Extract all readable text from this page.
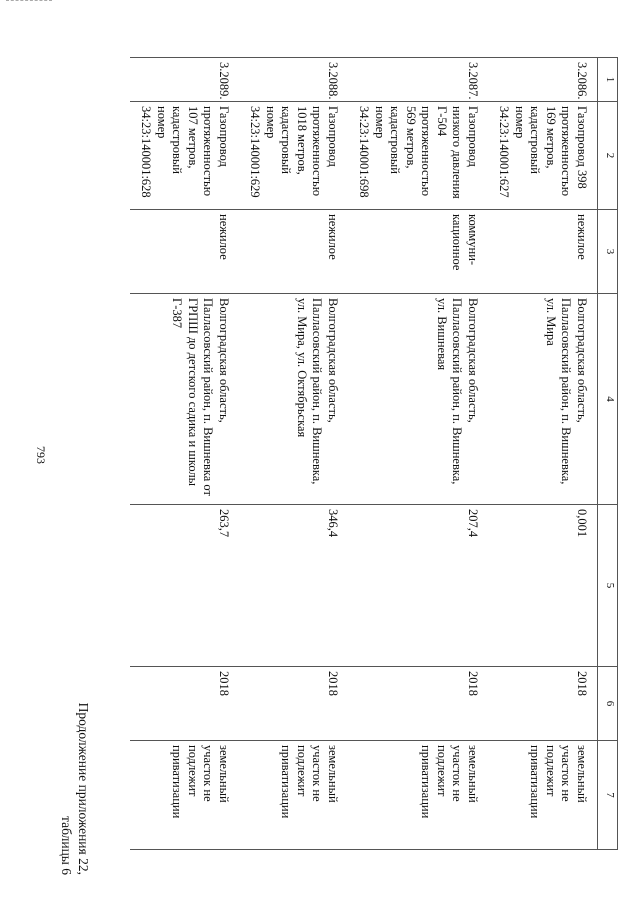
793
Продолжение приложения 22,
таблицы 6
1	2	3	4	5	6	7
3.2086.	Газопровод 398 протяженностью 169 метров, кадастровый номер 34:23:140001:627	нежилое	Волгоградская область, Палласовский район, п. Вишневка, ул. Мира	0,001	2018	земельный участок не подлежит приватизации
3.2087.	Газопровод низкого давления Г-504 протяженностью 569 метров, кадастровый номер 34:23:140001:698	коммуни- кационное	Волгоградская область, Палласовский район, п. Вишневка, ул. Вишневая	207,4	2018	земельный участок не подлежит приватизации
3.2088.	Газопровод протяженностью 1018 метров, кадастровый номер 34:23:140001:629	нежилое	Волгоградская область, Палласовский район, п. Вишневка, ул. Мира, ул. Октябрьская	346,4	2018	земельный участок не подлежит приватизации
3.2089.	Газопровод протяженностью 107 метров, кадастровый номер 34:23:140001:628	нежилое	Волгоградская область, Палласовский район, п. Вишневка от ГРПШ до детского садика и школы Г-387	263,7	2018	земельный участок не подлежит приватизации
